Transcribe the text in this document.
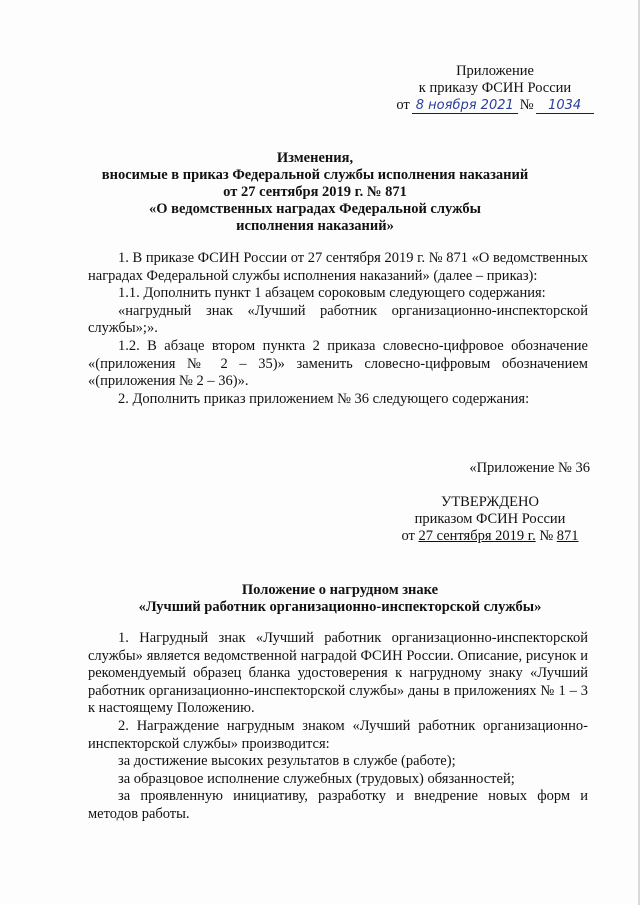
Приложение
к приказу ФСИН России
от 8 ноября 2021 №	1034
Изменения,
вносимые в приказ Федеральной службы исполнения наказаний
от 27 сентября 2019 г. № 871
«О ведомственных наградах Федеральной службы
исполнения наказаний»

1. В приказе ФСИН России от 27 сентября 2019 г. № 871 «О ведомственных наградах Федеральной службы исполнения наказаний» (далее – приказ):

1.1. Дополнить пункт 1 абзацем сороковым следующего содержания:

«нагрудный знак «Лучший работник организационно-инспекторской службы»;».

1.2. В абзаце втором пункта 2 приказа словесно-цифровое обозначение «(приложения № 2 – 35)» заменить словесно-цифровым обозначением «(приложения № 2 – 36)».

2. Дополнить приказ приложением № 36 следующего содержания:

«Приложение № 36
УТВЕРЖДЕНО
приказом ФСИН России
от 27 сентября 2019 г. № 871
Положение о нагрудном знаке
«Лучший работник организационно-инспекторской службы»

1. Нагрудный знак «Лучший работник организационно-инспекторской службы» является ведомственной наградой ФСИН России. Описание, рисунок и рекомендуемый образец бланка удостоверения к нагрудному знаку «Лучший работник организационно-инспекторской службы» даны в приложениях № 1 – 3 к настоящему Положению.

2. Награждение нагрудным знаком «Лучший работник организационно-инспекторской службы» производится:

за достижение высоких результатов в службе (работе);

за образцовое исполнение служебных (трудовых) обязанностей;

за проявленную инициативу, разработку и внедрение новых форм и методов работы.
